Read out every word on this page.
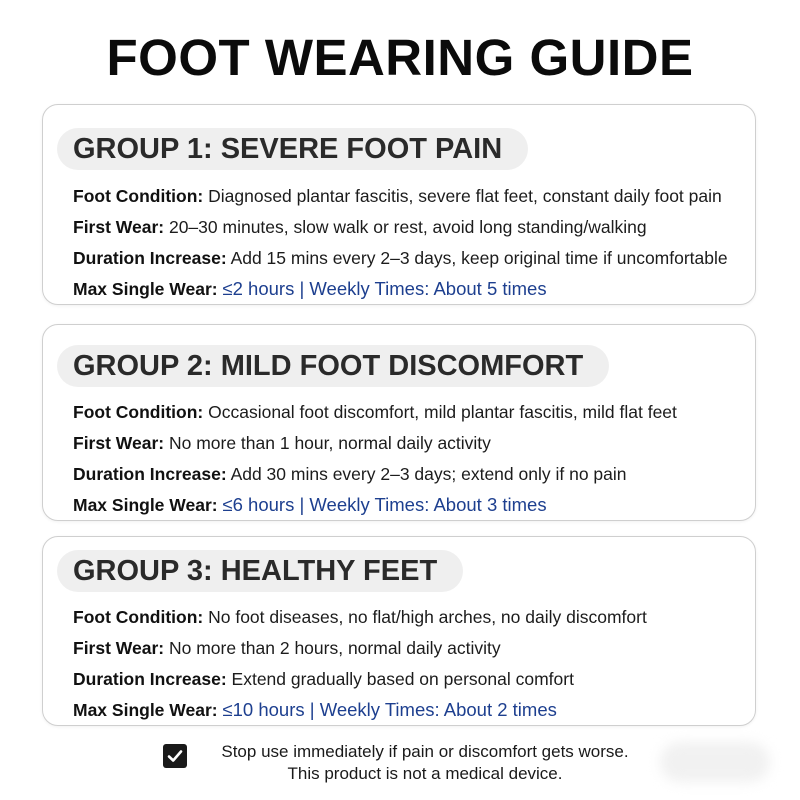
FOOT WEARING GUIDE
GROUP 1: SEVERE FOOT PAIN
Foot Condition: Diagnosed plantar fascitis, severe flat feet, constant daily foot pain
First Wear: 20–30 minutes, slow walk or rest, avoid long standing/walking
Duration Increase: Add 15 mins every 2–3 days, keep original time if uncomfortable
Max Single Wear: ≤2 hours | Weekly Times: About 5 times
GROUP 2: MILD FOOT DISCOMFORT
Foot Condition: Occasional foot discomfort, mild plantar fascitis, mild flat feet
First Wear: No more than 1 hour, normal daily activity
Duration Increase: Add 30 mins every 2–3 days; extend only if no pain
Max Single Wear: ≤6 hours | Weekly Times: About 3 times
GROUP 3: HEALTHY FEET
Foot Condition: No foot diseases, no flat/high arches, no daily discomfort
First Wear: No more than 2 hours, normal daily activity
Duration Increase: Extend gradually based on personal comfort
Max Single Wear: ≤10 hours | Weekly Times: About 2 times
Stop use immediately if pain or discomfort gets worse.
This product is not a medical device.
